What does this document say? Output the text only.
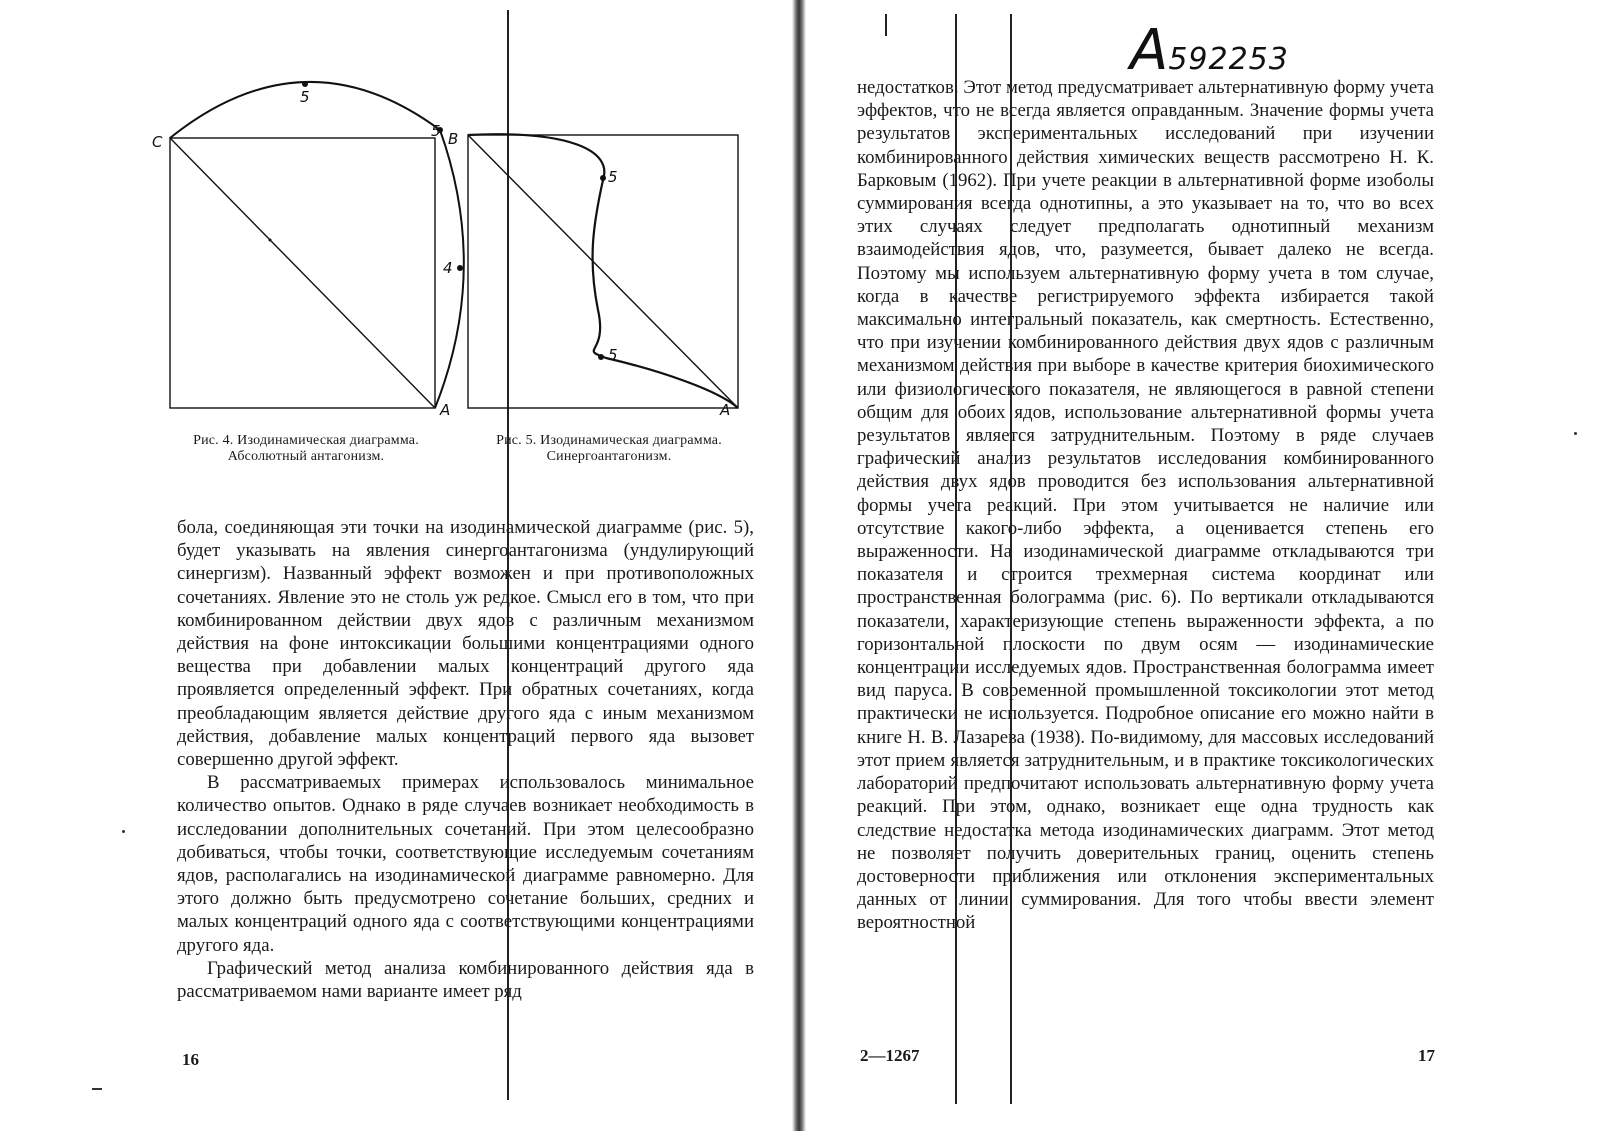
C
A
5
5
4
B
A
5
5
Рис. 4. Изодинамическая диаграмма. Абсолютный антагонизм.
Рис. 5. Изодинамическая диаграмма. Синергоантагонизм.

бола, соединяющая эти точки на изодинамической диаграмме (рис. 5), будет указывать на явления синергоантагонизма (ундулирующий синергизм). Названный эффект возможен и при противоположных сочетаниях. Явление это не столь уж редкое. Смысл его в том, что при комбинированном действии двух ядов с различным механизмом действия на фоне интоксикации большими концентрациями одного вещества при добавлении малых концентраций другого яда проявляется определенный эффект. При обратных сочетаниях, когда преобладающим является действие другого яда с иным механизмом действия, добавление малых концентраций первого яда вызовет совершенно другой эффект.

В рассматриваемых примерах использовалось минимальное количество опытов. Однако в ряде случаев возникает необходимость в исследовании дополнительных сочетаний. При этом целесообразно добиваться, чтобы точки, соответствующие исследуемым сочетаниям ядов, располагались на изодинамической диаграмме равномерно. Для этого должно быть предусмотрено сочетание больших, средних и малых концентраций одного яда с соответствующими концентрациями другого яда.

Графический метод анализа комбинированного действия яда в рассматриваемом нами варианте имеет ряд

16
А592253

недостатков. Этот метод предусматривает альтернативную форму учета эффектов, что не всегда является оправданным. Значение формы учета результатов экспериментальных исследований при изучении комбинированного действия химических веществ рассмотрено Н. К. Барковым (1962). При учете реакции в альтернативной форме изоболы суммирования всегда однотипны, а это указывает на то, что во всех этих случаях следует предполагать однотипный механизм взаимодействия ядов, что, разумеется, бывает далеко не всегда. Поэтому мы используем альтернативную форму учета в том случае, когда в качестве регистрируемого эффекта избирается такой максимально интегральный показатель, как смертность. Естественно, что при изучении комбинированного действия двух ядов с различным механизмом действия при выборе в качестве критерия биохимического или физиологического показателя, не являющегося в равной степени общим для обоих ядов, использование альтернативной формы учета результатов является затруднительным. Поэтому в ряде случаев графический анализ результатов исследования комбинированного действия двух ядов проводится без использования альтернативной формы учета реакций. При этом учитывается не наличие или отсутствие какого-либо эффекта, а оценивается степень его выраженности. На изодинамической диаграмме откладываются три показателя и строится трехмерная система координат или пространственная бологрaмма (рис. 6). По вертикали откладываются показатели, характеризующие степень выраженности эффекта, а по горизонтальной плоскости по двум осям — изодинамические концентрации исследуемых ядов. Пространственная бологрaмма имеет вид паруса. В современной промышленной токсикологии этот метод практически не используется. Подробное описание его можно найти в книге Н. В. Лазарева (1938). По-видимому, для массовых исследований этот прием является затруднительным, и в практике токсикологических лабораторий предпочитают использовать альтернативную форму учета реакций. При этом, однако, возникает еще одна трудность как следствие недостатка метода изодинамических диаграмм. Этот метод не позволяет получить доверительных границ, оценить степень достоверности приближения или отклонения экспериментальных данных от линии суммирования. Для того чтобы ввести элемент вероятностной

2—1267	17
